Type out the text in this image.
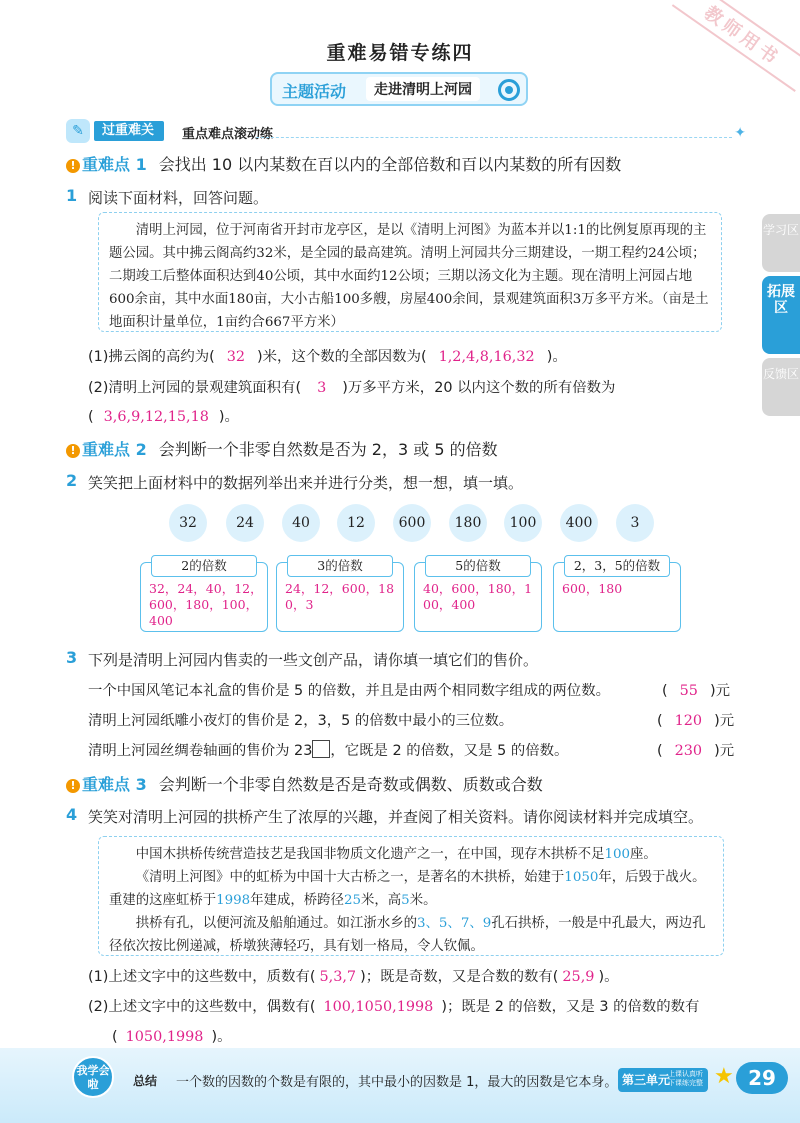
教师用书
重难易错专练四
主题活动	走进清明上河园
✎	过重难关	重点难点滚动练	✦
学习区
拓展区
反馈区
! 重难点 1 会找出 10 以内某数在百以内的全部倍数和百以内某数的所有因数
1 阅读下面材料，回答问题。
清明上河园，位于河南省开封市龙亭区，是以《清明上河图》为蓝本并以1:1的比例复原再现的主题公园。其中拂云阁高约32米，是全园的最高建筑。清明上河园共分三期建设，一期工程约24公顷；二期竣工后整体面积达到40公顷，其中水面约12公顷；三期以汤文化为主题。现在清明上河园占地600余亩，其中水面180亩，大小古船100多艘，房屋400余间，景观建筑面积3万多平方米。（亩是土地面积计量单位，1亩约合667平方米）
(1)拂云阁的高约为( 32 )米，这个数的全部因数为( 1,2,4,8,16,32 )。
(2)清明上河园的景观建筑面积有( 3 )万多平方米，20 以内这个数的所有倍数为
( 3,6,9,12,15,18 )。
! 重难点 2 会判断一个非零自然数是否为 2，3 或 5 的倍数
2 笑笑把上面材料中的数据列举出来并进行分类，想一想，填一填。
32	24	40	12	600	180	100	400	3
2的倍数
32，24，40，12，600，180，100，400
3的倍数
24，12，600，180，3
5的倍数
40，600，180，100，400
2，3，5的倍数
600，180
3 下列是清明上河园内售卖的一些文创产品，请你填一填它们的售价。
一个中国风笔记本礼盒的售价是 5 的倍数，并且是由两个相同数字组成的两位数。	( 55 )元
清明上河园纸雕小夜灯的售价是 2，3，5 的倍数中最小的三位数。	( 120 )元
清明上河园丝绸卷轴画的售价为 23 ，它既是 2 的倍数，又是 5 的倍数。	( 230 )元
! 重难点 3 会判断一个非零自然数是否是奇数或偶数、质数或合数
4 笑笑对清明上河园的拱桥产生了浓厚的兴趣，并查阅了相关资料。请你阅读材料并完成填空。
中国木拱桥传统营造技艺是我国非物质文化遗产之一，在中国，现存木拱桥不足100座。
《清明上河图》中的虹桥为中国十大古桥之一，是著名的木拱桥，始建于1050年，后毁于战火。重建的这座虹桥于1998年建成，桥跨径25米，高5米。
拱桥有孔，以便河流及船舶通过。如江浙水乡的3、5、7、9孔石拱桥，一般是中孔最大，两边孔径依次按比例递减，桥墩狭薄轻巧，具有划一格局，令人钦佩。
(1)上述文字中的这些数中，质数有( 5,3,7 )；既是奇数，又是合数的数有( 25,9 )。
(2)上述文字中的这些数中，偶数有( 100,1050,1998 )；既是 2 的倍数，又是 3 的倍数的数有
( 1050,1998 )。
我学会啦	总结 一个数的因数的个数是有限的，其中最小的因数是 1，最大的因数是它本身。 第三单元
上课认真听
下课练完整 ★ 29
